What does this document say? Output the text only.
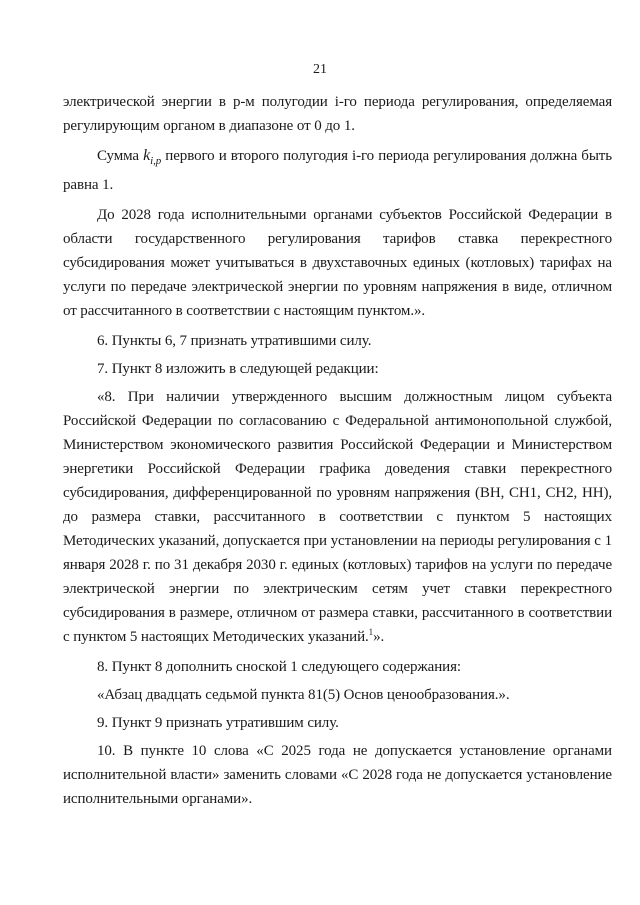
21

электрической энергии в p-м полугодии i-го периода регулирования, определяемая регулирующим органом в диапазоне от 0 до 1.

Сумма $k_{i,p}$ первого и второго полугодия i-го периода регулирования должна быть равна 1.

До 2028 года исполнительными органами субъектов Российской Федерации в области государственного регулирования тарифов ставка перекрестного субсидирования может учитываться в двухставочных единых (котловых) тарифах на услуги по передаче электрической энергии по уровням напряжения в виде, отличном от рассчитанного в соответствии с настоящим пунктом.».

6. Пункты 6, 7 признать утратившими силу.

7. Пункт 8 изложить в следующей редакции:

«8. При наличии утвержденного высшим должностным лицом субъекта Российской Федерации по согласованию с Федеральной антимонопольной службой, Министерством экономического развития Российской Федерации и Министерством энергетики Российской Федерации графика доведения ставки перекрестного субсидирования, дифференцированной по уровням напряжения (ВН, СН1, СН2, НН), до размера ставки, рассчитанного в соответствии с пунктом 5 настоящих Методических указаний, допускается при установлении на периоды регулирования с 1 января 2028 г. по 31 декабря 2030 г. единых (котловых) тарифов на услуги по передаче электрической энергии по электрическим сетям учет ставки перекрестного субсидирования в размере, отличном от размера ставки, рассчитанного в соответствии с пунктом 5 настоящих Методических указаний.$^1$».

8. Пункт 8 дополнить сноской 1 следующего содержания:

«Абзац двадцать седьмой пункта 81(5) Основ ценообразования.».

9. Пункт 9 признать утратившим силу.

10. В пункте 10 слова «С 2025 года не допускается установление органами исполнительной власти» заменить словами «С 2028 года не допускается установление исполнительными органами».
